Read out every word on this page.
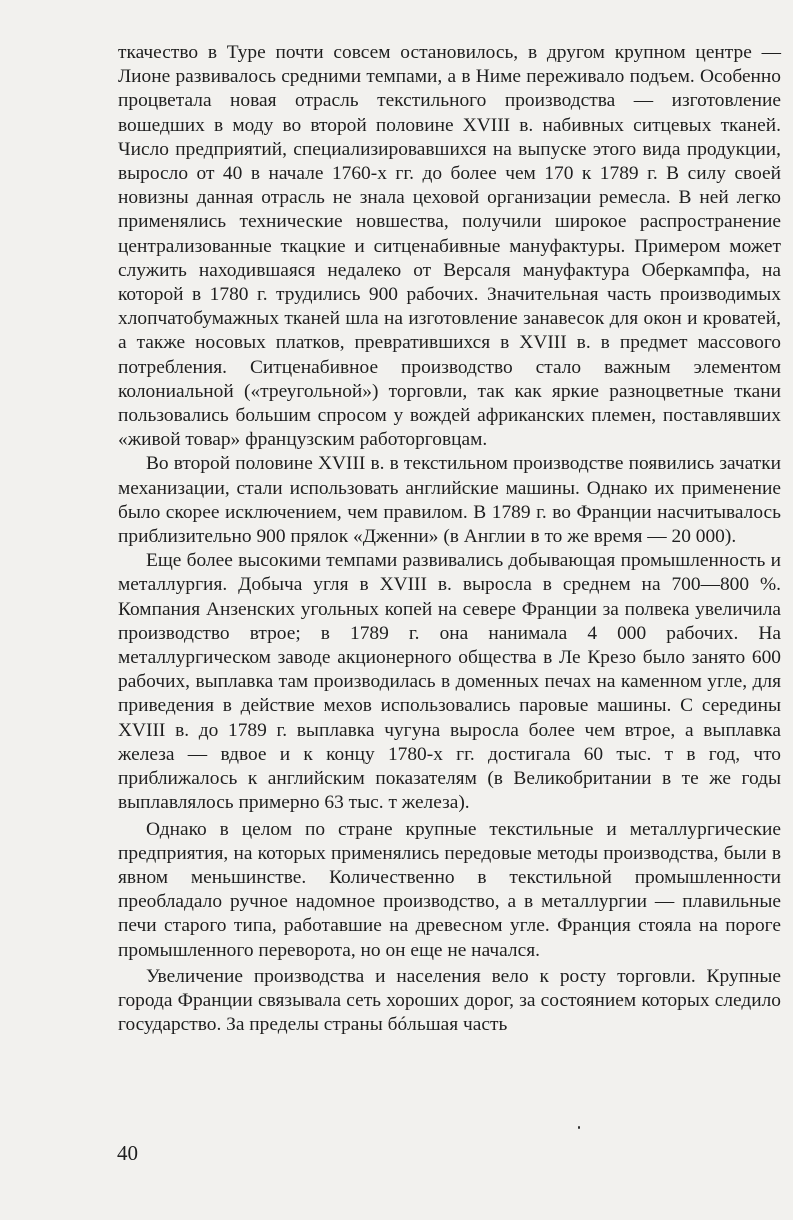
ткачество в Туре почти совсем остановилось, в другом крупном центре — Лионе развивалось средними темпами, а в Ниме переживало подъем. Особенно процветала новая отрасль текстильного производства — изготовление вошедших в моду во второй половине XVIII в. набивных ситцевых тканей. Число предприятий, специализировавшихся на выпуске этого вида продукции, выросло от 40 в начале 1760-х гг. до более чем 170 к 1789 г. В силу своей новизны данная отрасль не знала цеховой организации ремесла. В ней легко применялись технические новшества, получили широкое распространение централизованные ткацкие и ситценабивные мануфактуры. Примером может служить находившаяся недалеко от Версаля мануфактура Оберкампфа, на которой в 1780 г. трудились 900 рабочих. Значительная часть производимых хлопчатобумажных тканей шла на изготовление занавесок для окон и кроватей, а также носовых платков, превратившихся в XVIII в. в предмет массового потребления. Ситценабивное производство стало важным элементом колониальной («треугольной») торговли, так как яркие разноцветные ткани пользовались большим спросом у вождей африканских племен, поставлявших «живой товар» французским работорговцам.

Во второй половине XVIII в. в текстильном производстве появились зачатки механизации, стали использовать английские машины. Однако их применение было скорее исключением, чем правилом. В 1789 г. во Франции насчитывалось приблизительно 900 прялок «Дженни» (в Англии в то же время — 20 000).

Еще более высокими темпами развивались добывающая промышленность и металлургия. Добыча угля в XVIII в. выросла в среднем на 700—800 %. Компания Анзенских угольных копей на севере Франции за полвека увеличила производство втрое; в 1789 г. она нанимала 4 000 рабочих. На металлургическом заводе акционерного общества в Ле Крезо было занято 600 рабочих, выплавка там производилась в доменных печах на каменном угле, для приведения в действие мехов использовались паровые машины. С середины XVIII в. до 1789 г. выплавка чугуна выросла более чем втрое, а выплавка железа — вдвое и к концу 1780-х гг. достигала 60 тыс. т в год, что приближалось к английским показателям (в Великобритании в те же годы выплавлялось примерно 63 тыс. т железа).

Однако в целом по стране крупные текстильные и металлургические предприятия, на которых применялись передовые методы производства, были в явном меньшинстве. Количественно в текстильной промышленности преобладало ручное надомное производство, а в металлургии — плавильные печи старого типа, работавшие на древесном угле. Франция стояла на пороге промышленного переворота, но он еще не начался.

Увеличение производства и населения вело к росту торговли. Крупные города Франции связывала сеть хороших дорог, за состоянием которых следило государство. За пределы страны бóльшая часть

40
